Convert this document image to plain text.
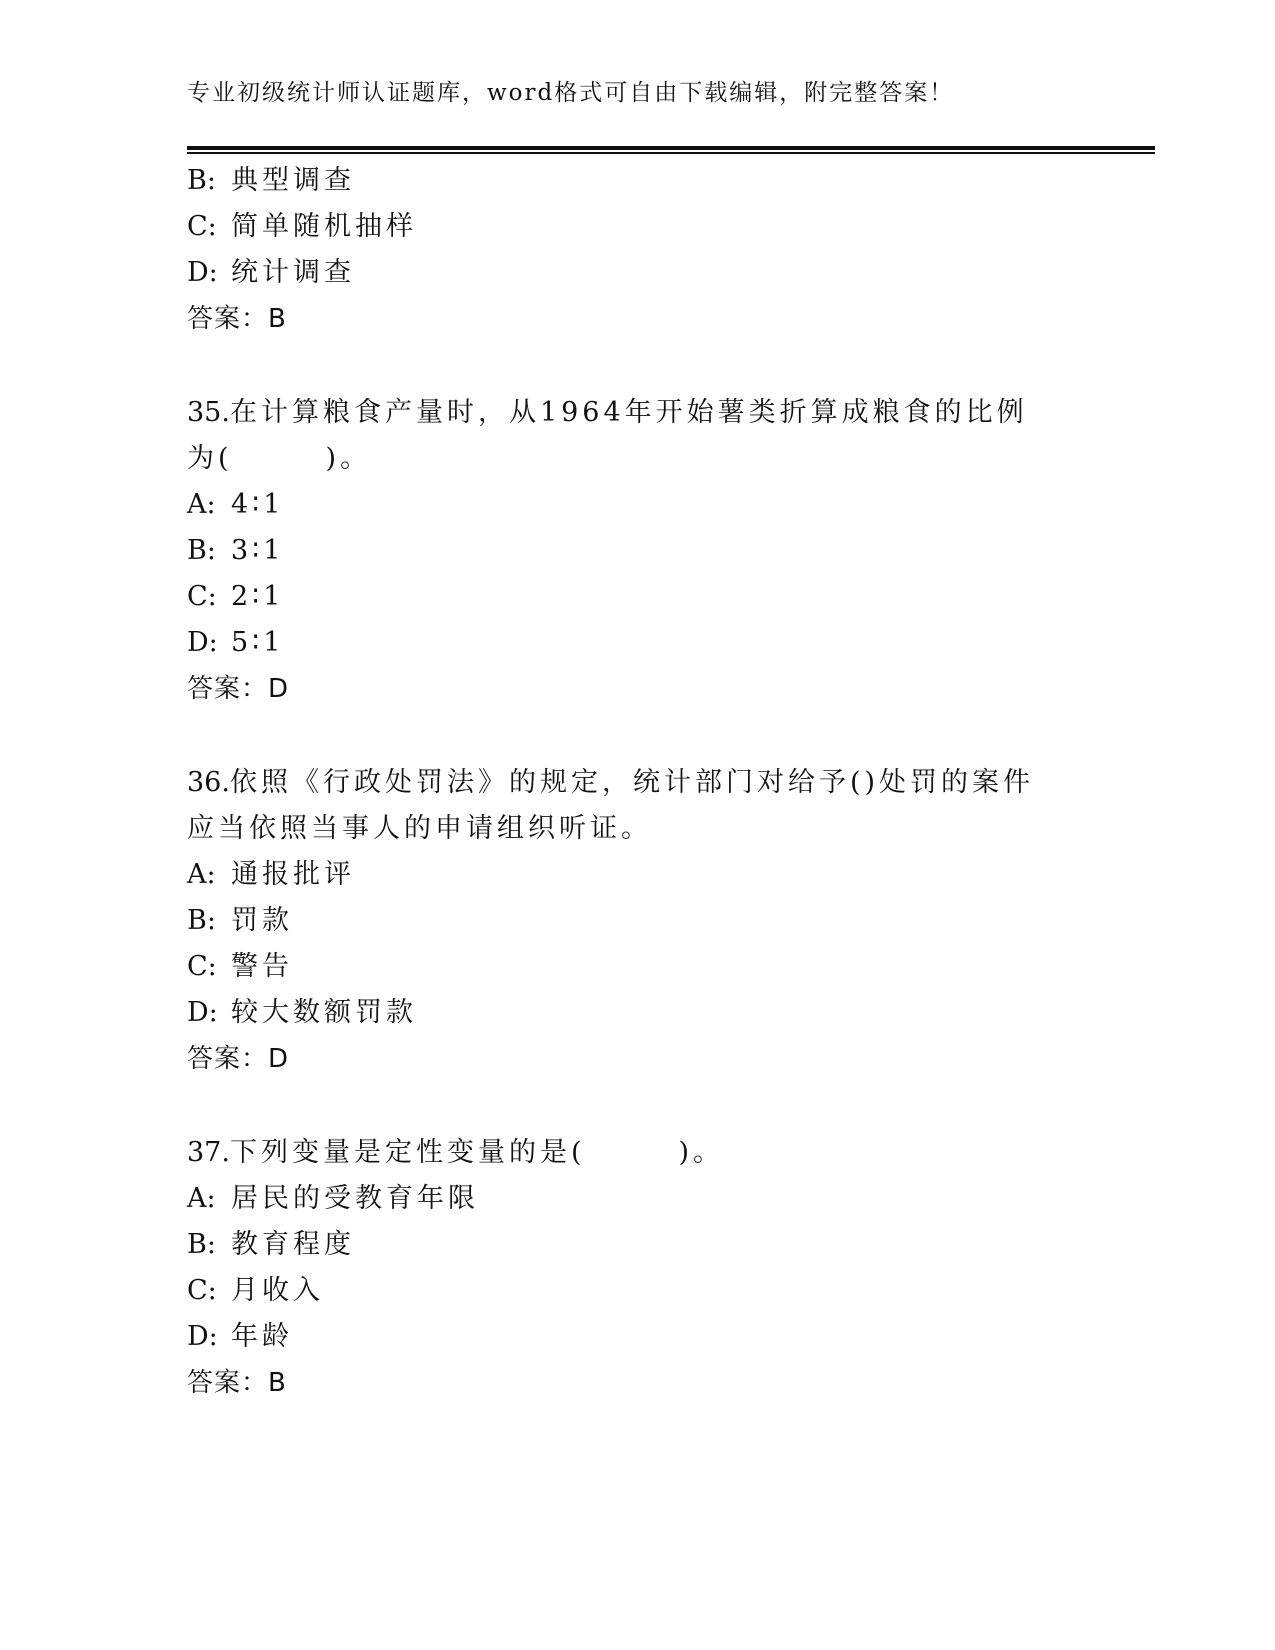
专业初级统计师认证题库，word格式可自由下载编辑，附完整答案！
B: 典型调查
C: 简单随机抽样
D: 统计调查
答案：B
35.在计算粮食产量时，从1964年开始薯类折算成粮食的比例为(　　　)。
A: 4∶1
B: 3∶1
C: 2∶1
D: 5∶1
答案：D
36.依照《行政处罚法》的规定，统计部门对给予()处罚的案件应当依照当事人的申请组织听证。
A: 通报批评
B: 罚款
C: 警告
D: 较大数额罚款
答案：D
37.下列变量是定性变量的是(　　　)。
A: 居民的受教育年限
B: 教育程度
C: 月收入
D: 年龄
答案：B
